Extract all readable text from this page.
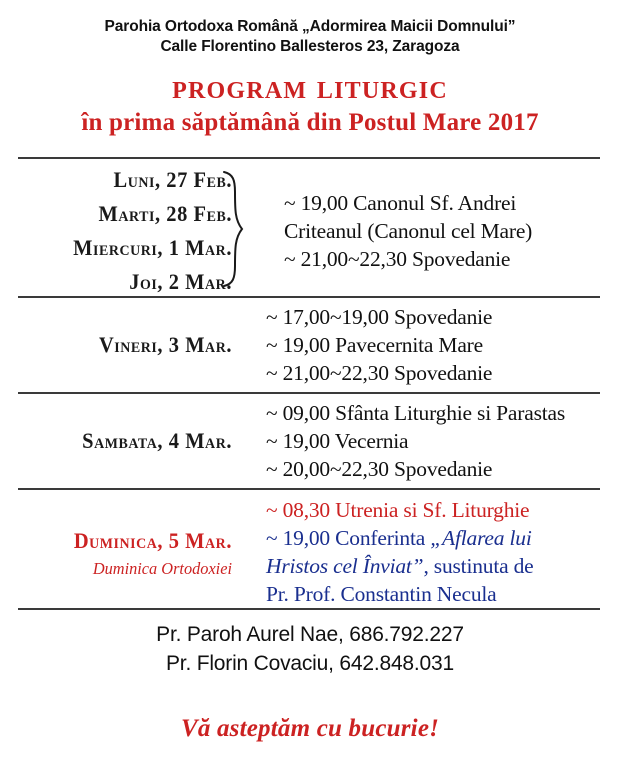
Parohia Ortodoxa Română „Adormirea Maicii Domnului”
Calle Florentino Ballesteros 23, Zaragoza
program liturgic
în prima săptămână din Postul Mare 2017
Luni, 27 Feb.
Marti, 28 Feb.
Miercuri, 1 Mar.
Joi, 2 Mar.
~ 19,00 Canonul Sf. Andrei
Criteanul (Canonul cel Mare)
~ 21,00~22,30 Spovedanie
Vineri, 3 Mar.
~ 17,00~19,00 Spovedanie
~ 19,00 Pavecernita Mare
~ 21,00~22,30 Spovedanie
Sambata, 4 Mar.
~ 09,00 Sfânta Liturghie si Parastas
~ 19,00 Vecernia
~ 20,00~22,30 Spovedanie
Duminica, 5 Mar.
Duminica Ortodoxiei
~ 08,30 Utrenia si Sf. Liturghie
~ 19,00 Conferinta „Aflarea lui
Hristos cel Înviat”, sustinuta de
Pr. Prof. Constantin Necula
Pr. Paroh Aurel Nae, 686.792.227
Pr. Florin Covaciu, 642.848.031
Vă asteptăm cu bucurie!
